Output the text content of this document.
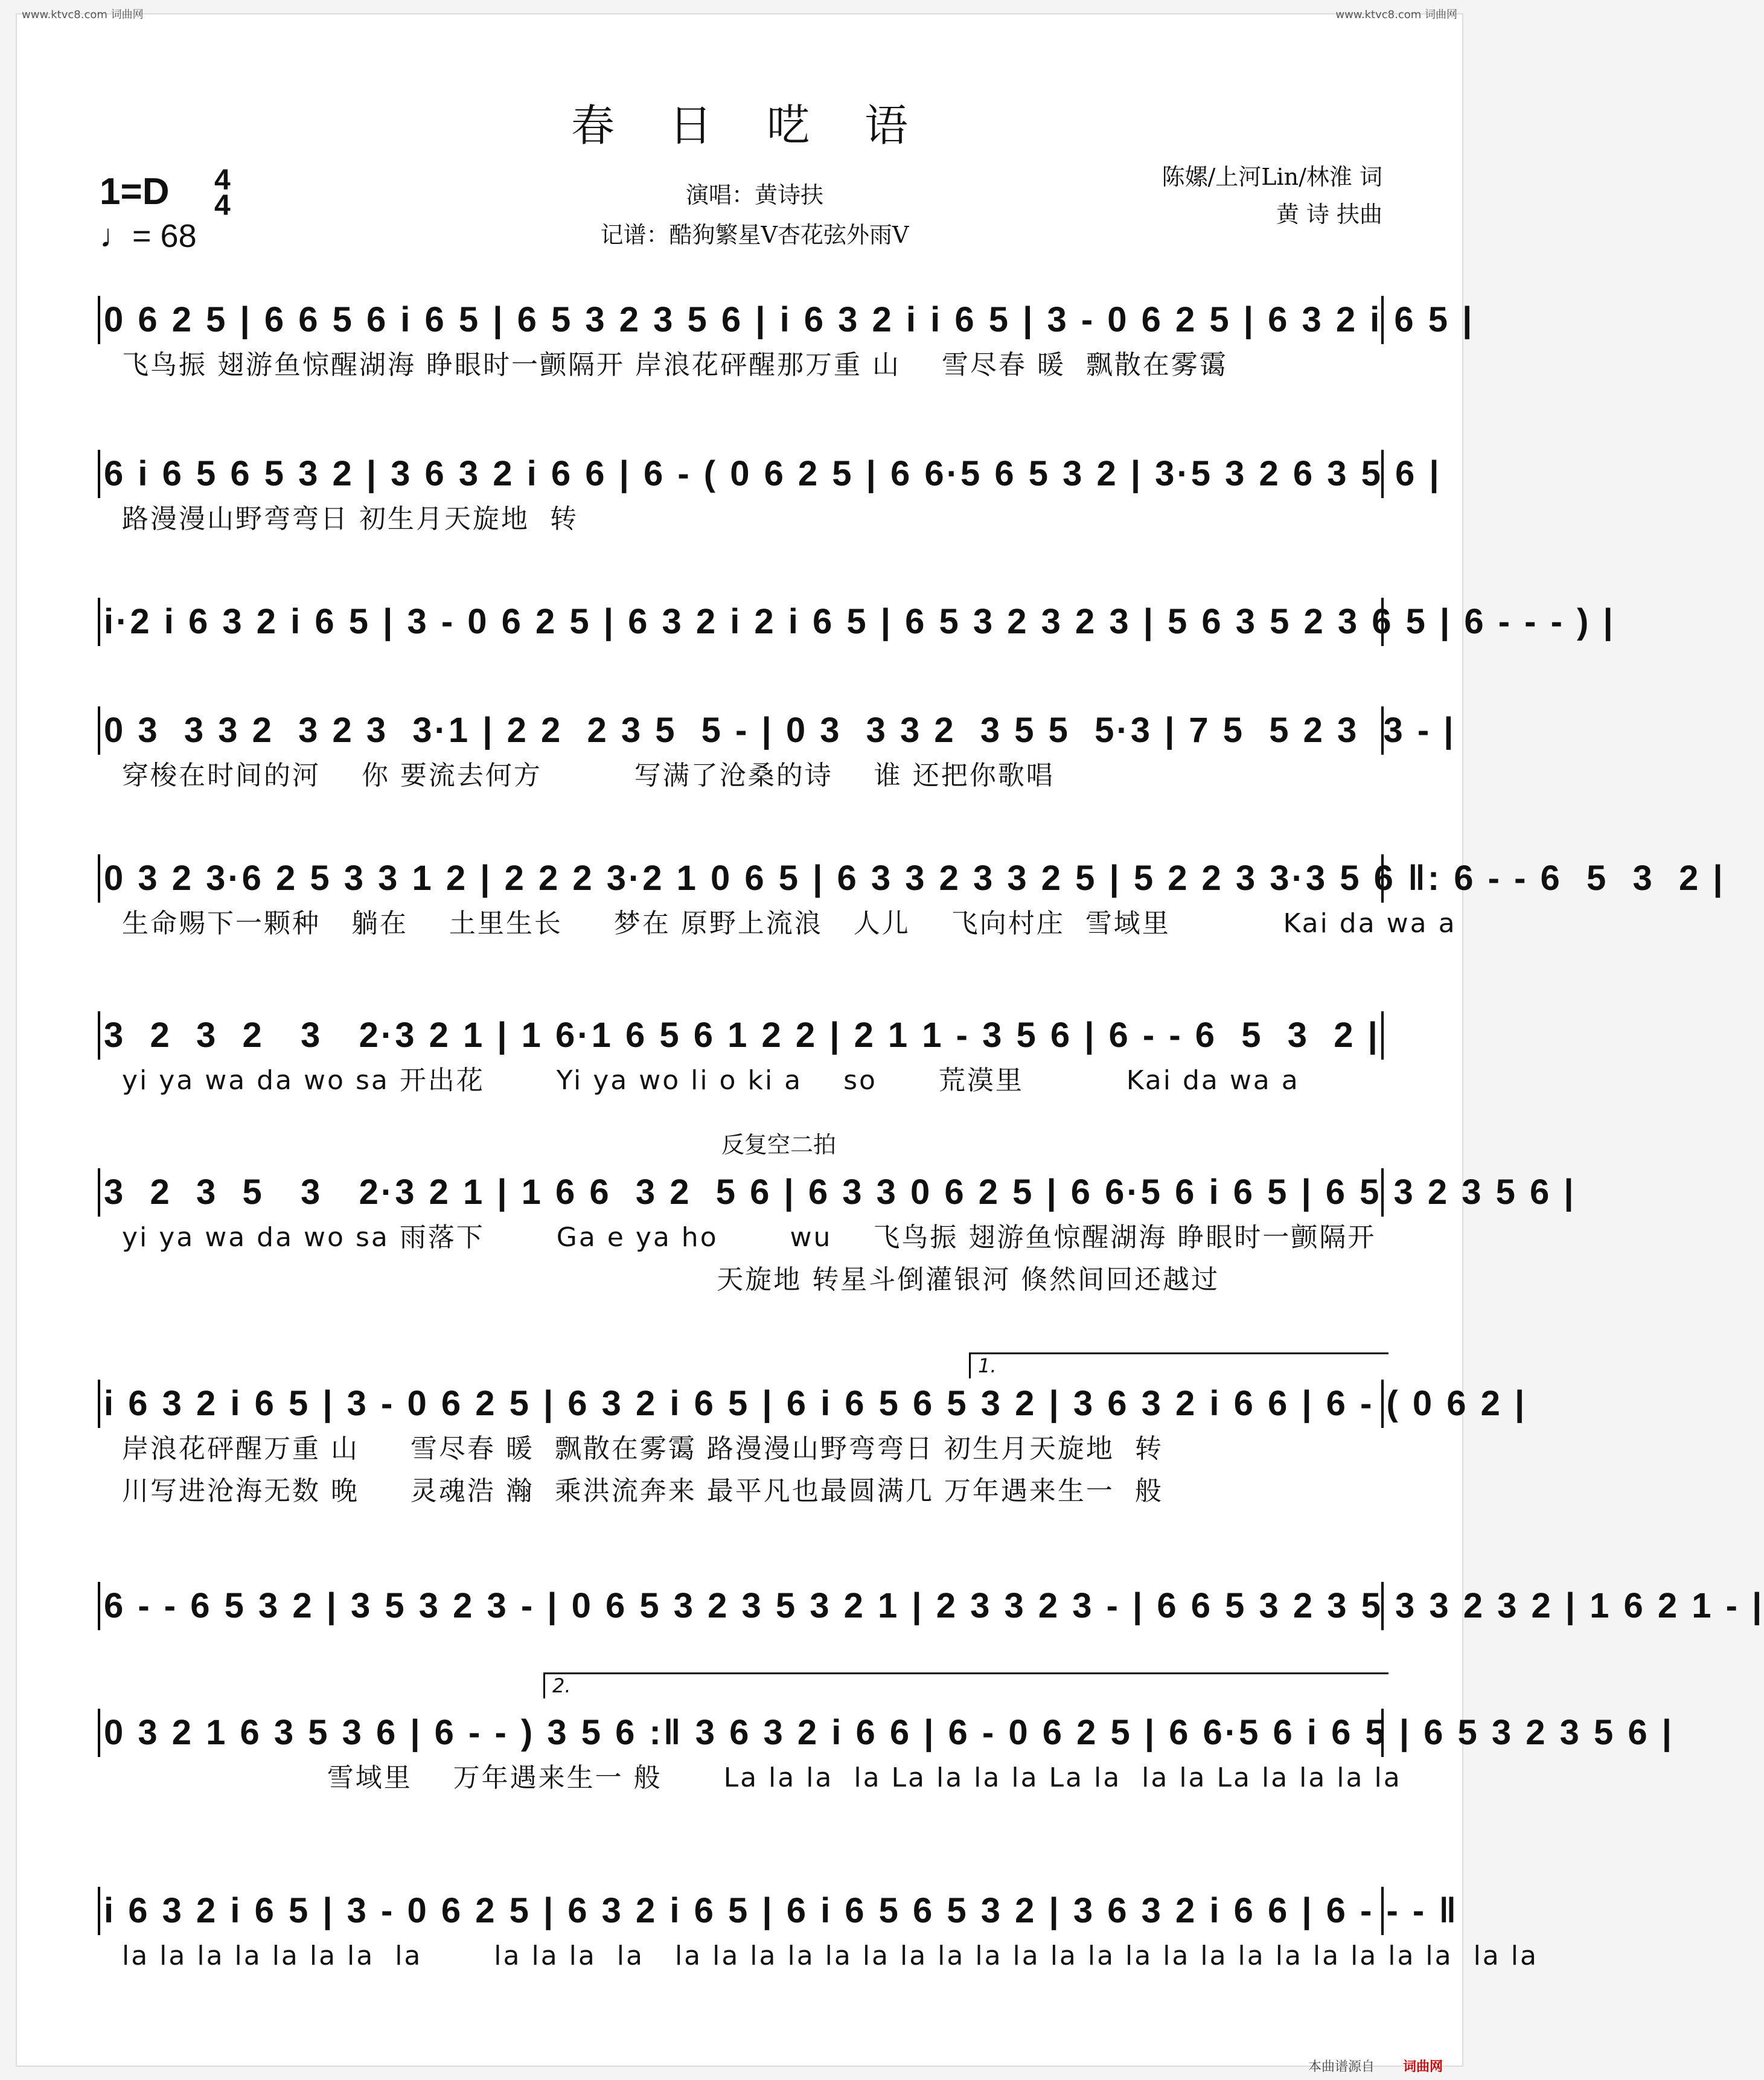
www.ktvc8.com 词曲网	www.ktvc8.com 词曲网
春日呓语
1=D 4
4
♩= 68
演唱：黄诗扶
记谱：酷狗繁星V杏花弦外雨V
陈嫘/上河Lin/林淮 词
黄 诗 扶曲
0 6 2 5 | 6 6 5 6 i 6 5 | 6 5 3 2 3 5 6 | i 6 3 2 i i 6 5 | 3 - 0 6 2 5 | 6 3 2 i 6 5 |
飞鸟振 翅游鱼惊醒湖海 睁眼时一颤隔开 岸浪花砰醒那万重 山    雪尽春 暖  飘散在雾霭
6 i 6 5 6 5 3 2 | 3 6 3 2 i 6 6 | 6 - ( 0 6 2 5 | 6 6·5 6 5 3 2 | 3·5 3 2 6 3 5 6 |
路漫漫山野弯弯日 初生月天旋地  转
i·2 i 6 3 2 i 6 5 | 3 - 0 6 2 5 | 6 3 2 i 2 i 6 5 | 6 5 3 2 3 2 3 | 5 6 3 5 2 3 6 5 | 6 - - - ) |
0 3  3 3 2  3 2 3  3·1 | 2 2  2 3 5  5 - | 0 3  3 3 2  3 5 5  5·3 | 7 5  5 2 3  3 - |
穿梭在时间的河    你 要流去何方         写满了沧桑的诗    谁 还把你歌唱
0 3 2 3·6 2 5 3 3 1 2 | 2 2 2 3·2 1 0 6 5 | 6 3 3 2 3 3 2 5 | 5 2 2 3 3·3 5 6 ‖: 6 - - 6  5  3  2 |
生命赐下一颗种   躺在    土里生长     梦在 原野上流浪   人儿    飞向村庄  雪域里           Kai da wa a
3  2  3  2   3   2·3 2 1 | 1 6·1 6 5 6 1 2 2 | 2 1 1 - 3 5 6 | 6 - - 6  5  3  2 |
yi ya wa da wo sa 开出花       Yi ya wo li o ki a    so      荒漠里          Kai da wa a
反复空二拍
3  2  3  5   3   2·3 2 1 | 1 6 6  3 2  5 6 | 6 3 3 0 6 2 5 | 6 6·5 6 i 6 5 | 6 5 3 2 3 5 6 |
yi ya wa da wo sa 雨落下       Ga e ya ho       wu    飞鸟振 翅游鱼惊醒湖海 睁眼时一颤隔开
天旋地 转星斗倒灌银河 倏然间回还越过
1.
i 6 3 2 i 6 5 | 3 - 0 6 2 5 | 6 3 2 i 6 5 | 6 i 6 5 6 5 3 2 | 3 6 3 2 i 6 6 | 6 - ( 0 6 2 |
岸浪花砰醒万重 山     雪尽春 暖  飘散在雾霭 路漫漫山野弯弯日 初生月天旋地  转
川写进沧海无数 晚     灵魂浩 瀚  乘洪流奔来 最平凡也最圆满几 万年遇来生一  般
6 - - 6 5 3 2 | 3 5 3 2 3 - | 0 6 5 3 2 3 5 3 2 1 | 2 3 3 2 3 - | 6 6 5 3 2 3 5 3 3 2 3 2 | 1 6 2 1 - |
2.
0 3 2 1 6 3 5 3 6 | 6 - - ) 3 5 6 :‖ 3 6 3 2 i 6 6 | 6 - 0 6 2 5 | 6 6·5 6 i 6 5 | 6 5 3 2 3 5 6 |
雪域里    万年遇来生一 般      La la la  la La la la la La la  la la La la la la la
i 6 3 2 i 6 5 | 3 - 0 6 2 5 | 6 3 2 i 6 5 | 6 i 6 5 6 5 3 2 | 3 6 3 2 i 6 6 | 6 - - - ‖
la la la la la la la  la       la la la  la   la la la la la la la la la la la la la la la la la la la la la  la la
本曲谱源自 词曲网
